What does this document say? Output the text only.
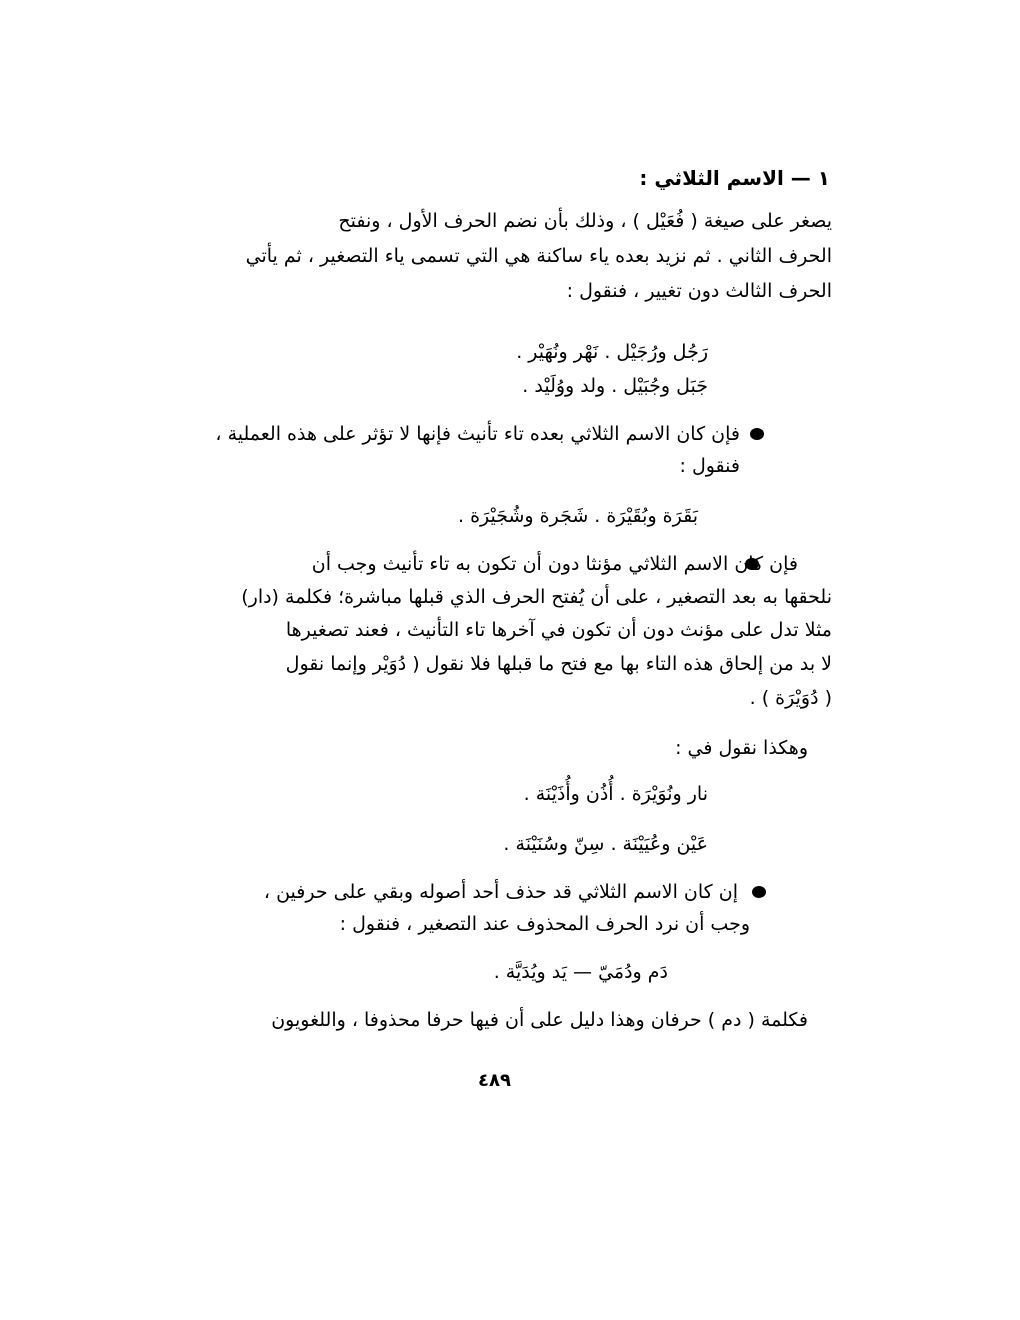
١ — الاسم الثلاثي :
يصغر على صيغة ( فُعَيْل ) ، وذلك بأن نضم الحرف الأول ، ونفتح
الحرف الثاني . ثم نزيد بعده ياء ساكنة هي التي تسمى ياء التصغير ، ثم يأتي
الحرف الثالث دون تغيير ، فنقول :
رَجُل ورُجَيْل . نَهْر ونُهَيْر .
جَبَل وجُبَيْل . ولد ووُلَيْد .
فإن كان الاسم الثلاثي بعده تاء تأنيث فإنها لا تؤثر على هذه العملية ،
فنقول :
بَقَرَة وبُقَيْرَة . شَجَرة وشُجَيْرَة .
فإن كان الاسم الثلاثي مؤنثا دون أن تكون به تاء تأنيث وجب أن
نلحقها به بعد التصغير ، على أن يُفتح الحرف الذي قبلها مباشرة؛ فكلمة (دار)
مثلا تدل على مؤنث دون أن تكون في آخرها تاء التأنيث ، فعند تصغيرها
لا بد من إلحاق هذه التاء بها مع فتح ما قبلها فلا نقول ( دُوَيْر وإنما نقول
( دُوَيْرَة ) .
وهكذا نقول في :
نار ونُوَيْرَة . أُذُن وأُذَيْنَة .
عَيْن وعُيَيْنَة . سِنّ وسُنَيْنَة .
إن كان الاسم الثلاثي قد حذف أحد أصوله وبقي على حرفين ،
وجب أن نرد الحرف المحذوف عند التصغير ، فنقول :
دَم ودُمَيّ — يَد ويُدَيَّة .
فكلمة ( دم ) حرفان وهذا دليل على أن فيها حرفا محذوفا ، واللغويون
٤٨٩
